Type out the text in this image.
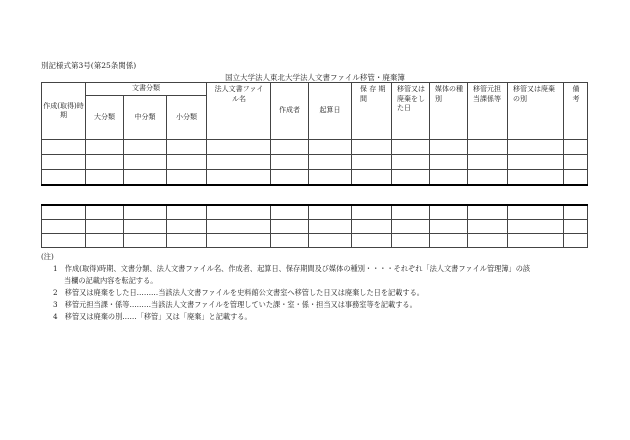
別記様式第3号(第25条関係)
国立大学法人東北大学法人文書ファイル移管・廃棄簿
作成(取得)時期	文書分類			法人文書ファイル名	作成者	起算日	保 存 期 間	移管又は廃棄をした日	媒体の種別	移管元担当課係等	移管又は廃棄の別	備 考
	大分類	中分類	小分類									

(注)
1　作成(取得)時期、文書分類、法人文書ファイル名、作成者、起算日、保存期間及び媒体の種別・・・・それぞれ「法人文書ファイル管理簿」の該
当欄の記載内容を転記する。
2　移管又は廃棄をした日………当該法人文書ファイルを史料館公文書室へ移管した日又は廃棄した日を記載する。
3　移管元担当課・係等………当該法人文書ファイルを管理していた課・室・係・担当又は事務室等を記載する。
4　移管又は廃棄の別……「移管」又は「廃棄」と記載する。
